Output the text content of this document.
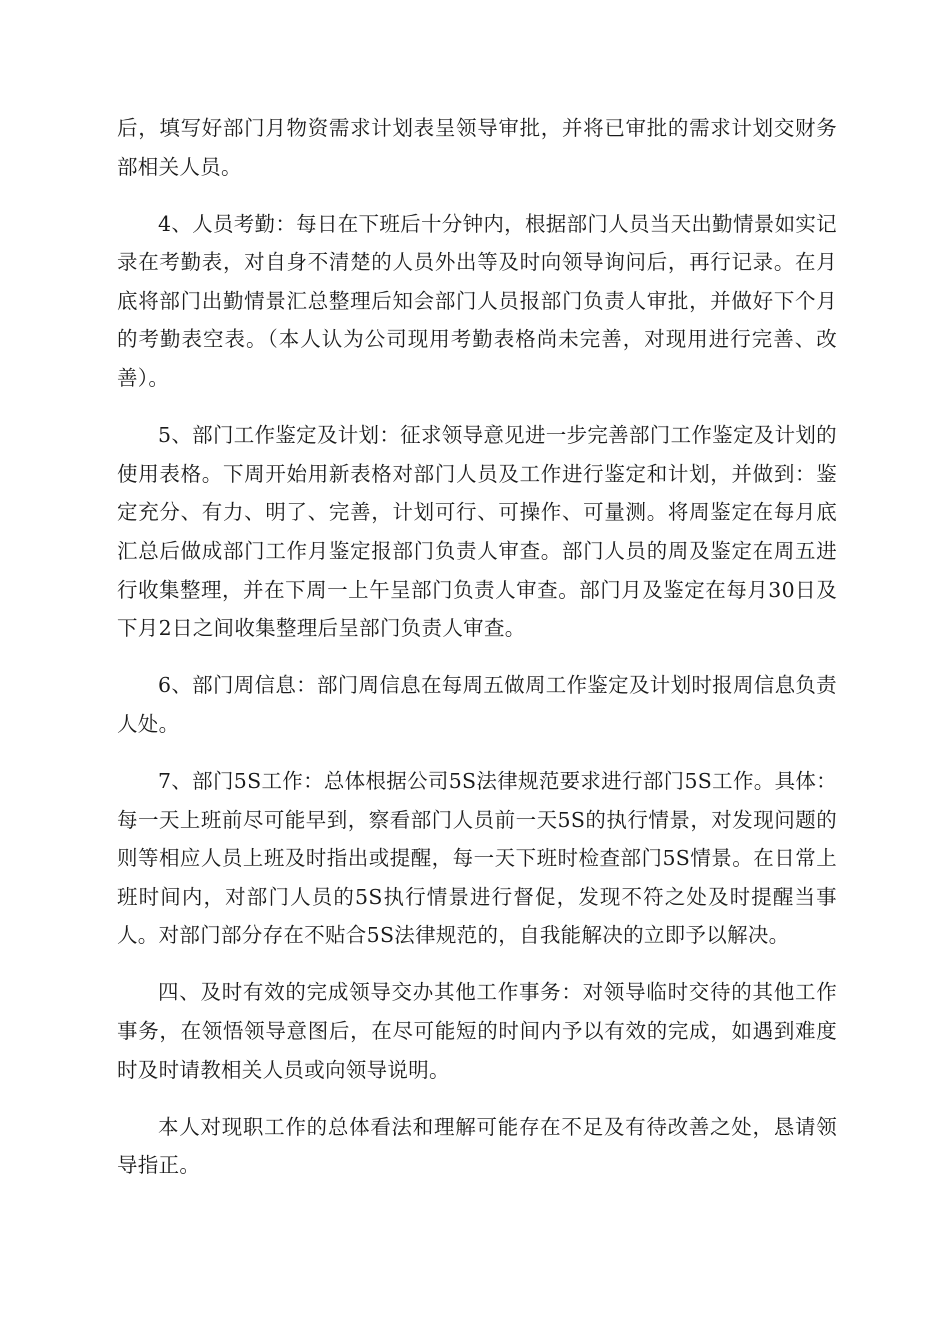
后，填写好部门月物资需求计划表呈领导审批，并将已审批的需求计划交财务部相关人员。

4、人员考勤：每日在下班后十分钟内，根据部门人员当天出勤情景如实记录在考勤表，对自身不清楚的人员外出等及时向领导询问后，再行记录。在月底将部门出勤情景汇总整理后知会部门人员报部门负责人审批，并做好下个月的考勤表空表。（本人认为公司现用考勤表格尚未完善，对现用进行完善、改善）。

5、部门工作鉴定及计划：征求领导意见进一步完善部门工作鉴定及计划的使用表格。下周开始用新表格对部门人员及工作进行鉴定和计划，并做到：鉴定充分、有力、明了、完善，计划可行、可操作、可量测。将周鉴定在每月底汇总后做成部门工作月鉴定报部门负责人审查。部门人员的周及鉴定在周五进行收集整理，并在下周一上午呈部门负责人审查。部门月及鉴定在每月30日及下月2日之间收集整理后呈部门负责人审查。

6、部门周信息：部门周信息在每周五做周工作鉴定及计划时报周信息负责人处。

7、部门5S工作：总体根据公司5S法律规范要求进行部门5S工作。具体：每一天上班前尽可能早到，察看部门人员前一天5S的执行情景，对发现问题的则等相应人员上班及时指出或提醒，每一天下班时检查部门5S情景。在日常上班时间内，对部门人员的5S执行情景进行督促，发现不符之处及时提醒当事人。对部门部分存在不贴合5S法律规范的，自我能解决的立即予以解决。

四、及时有效的完成领导交办其他工作事务：对领导临时交待的其他工作事务，在领悟领导意图后，在尽可能短的时间内予以有效的完成，如遇到难度时及时请教相关人员或向领导说明。

本人对现职工作的总体看法和理解可能存在不足及有待改善之处，恳请领导指正。
